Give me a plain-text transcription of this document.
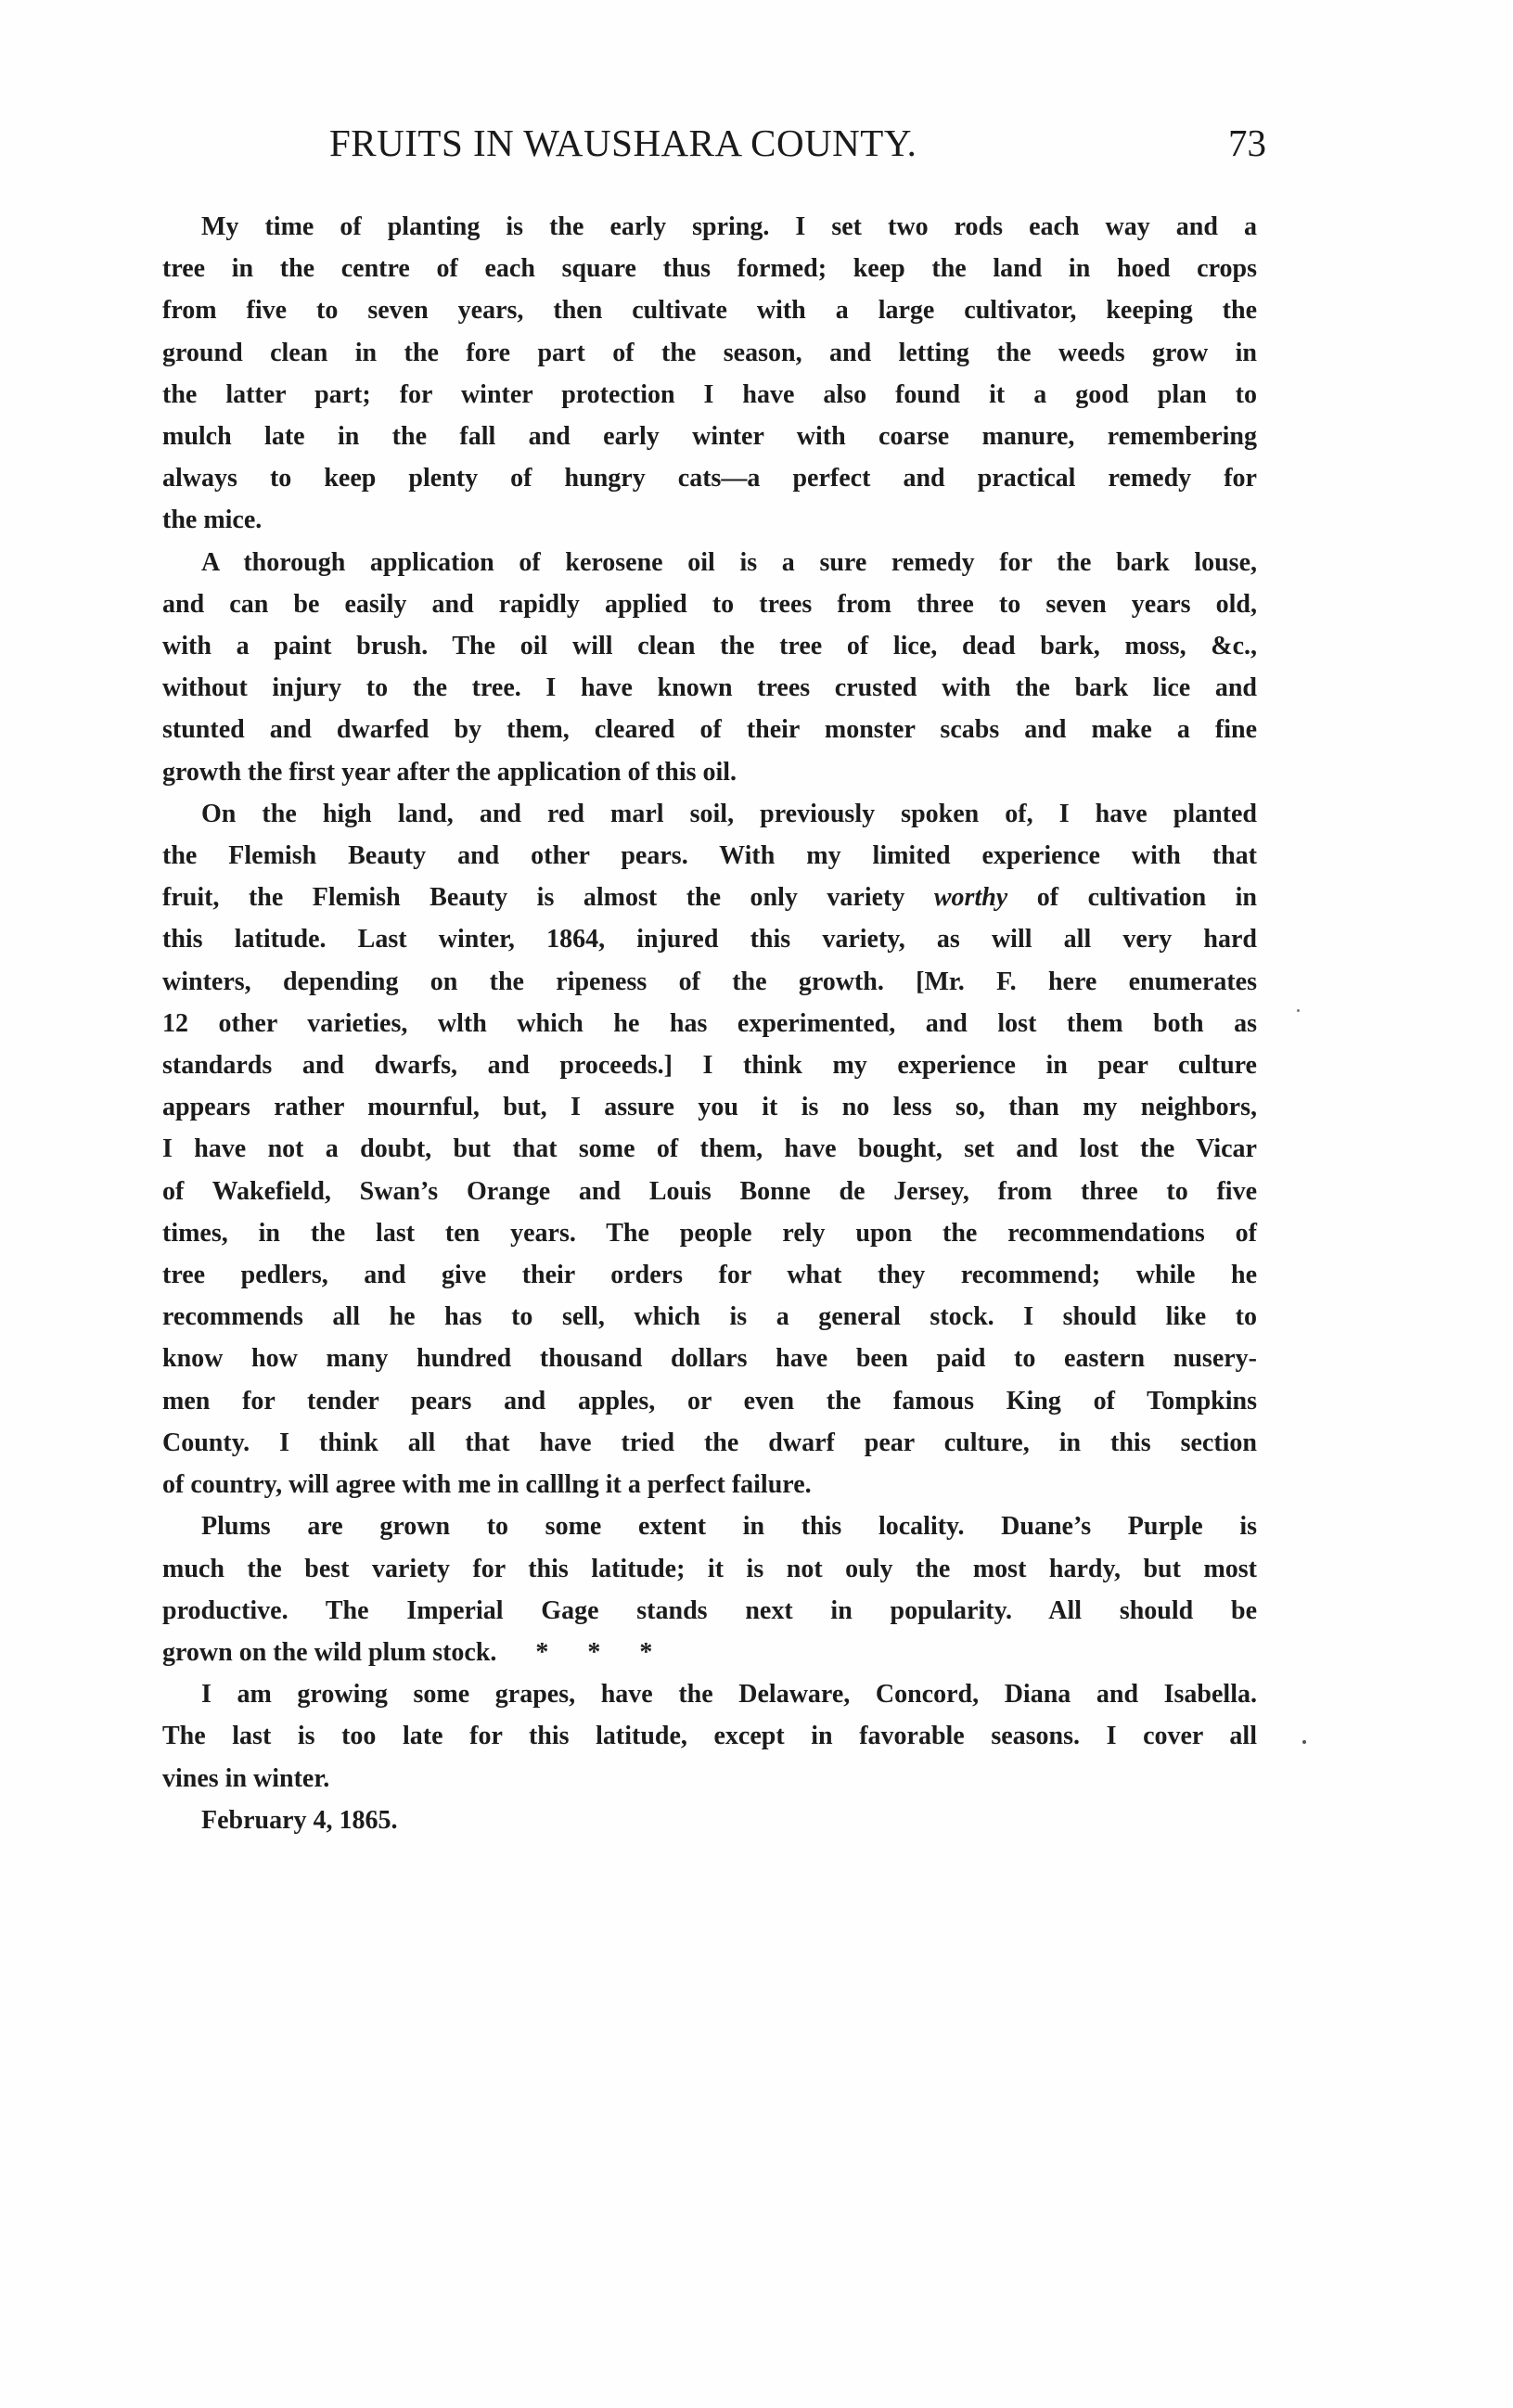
FRUITS IN WAUSHARA COUNTY.	73

My time of planting is the early spring. I set two rods each way and a
tree in the centre of each square thus formed; keep the land in hoed crops
from five to seven years, then cultivate with a large cultivator, keeping the
ground clean in the fore part of the season, and letting the weeds grow in
the latter part; for winter protection I have also found it a good plan to
mulch late in the fall and early winter with coarse manure, remembering
always to keep plenty of hungry cats—a perfect and practical remedy for
the mice.

A thorough application of kerosene oil is a sure remedy for the bark louse,
and can be easily and rapidly applied to trees from three to seven years old,
with a paint brush. The oil will clean the tree of lice, dead bark, moss, &c.,
without injury to the tree. I have known trees crusted with the bark lice and
stunted and dwarfed by them, cleared of their monster scabs and make a fine
growth the first year after the application of this oil.

On the high land, and red marl soil, previously spoken of, I have planted
the Flemish Beauty and other pears. With my limited experience with that
fruit, the Flemish Beauty is almost the only variety worthy of cultivation in
this latitude. Last winter, 1864, injured this variety, as will all very hard
winters, depending on the ripeness of the growth. [Mr. F. here enumerates
12 other varieties, wlth which he has experimented, and lost them both as
standards and dwarfs, and proceeds.] I think my experience in pear culture
appears rather mournful, but, I assure you it is no less so, than my neighbors,
I have not a doubt, but that some of them, have bought, set and lost the Vicar
of Wakefield, Swan’s Orange and Louis Bonne de Jersey, from three to five
times, in the last ten years. The people rely upon the recommendations of
tree pedlers, and give their orders for what they recommend; while he
recommends all he has to sell, which is a general stock. I should like to
know how many hundred thousand dollars have been paid to eastern nusery-
men for tender pears and apples, or even the famous King of Tompkins
County. I think all that have tried the dwarf pear culture, in this section
of country, will agree with me in calllng it a perfect failure.

Plums are grown to some extent in this locality. Duane’s Purple is
much the best variety for this latitude; it is not ouly the most hardy, but most
productive. The Imperial Gage stands next in popularity. All should be
grown on the wild plum stock.      *      *      *

I am growing some grapes, have the Delaware, Concord, Diana and Isabella.
The last is too late for this latitude, except in favorable seasons. I cover all
vines in winter.

February 4, 1865.
